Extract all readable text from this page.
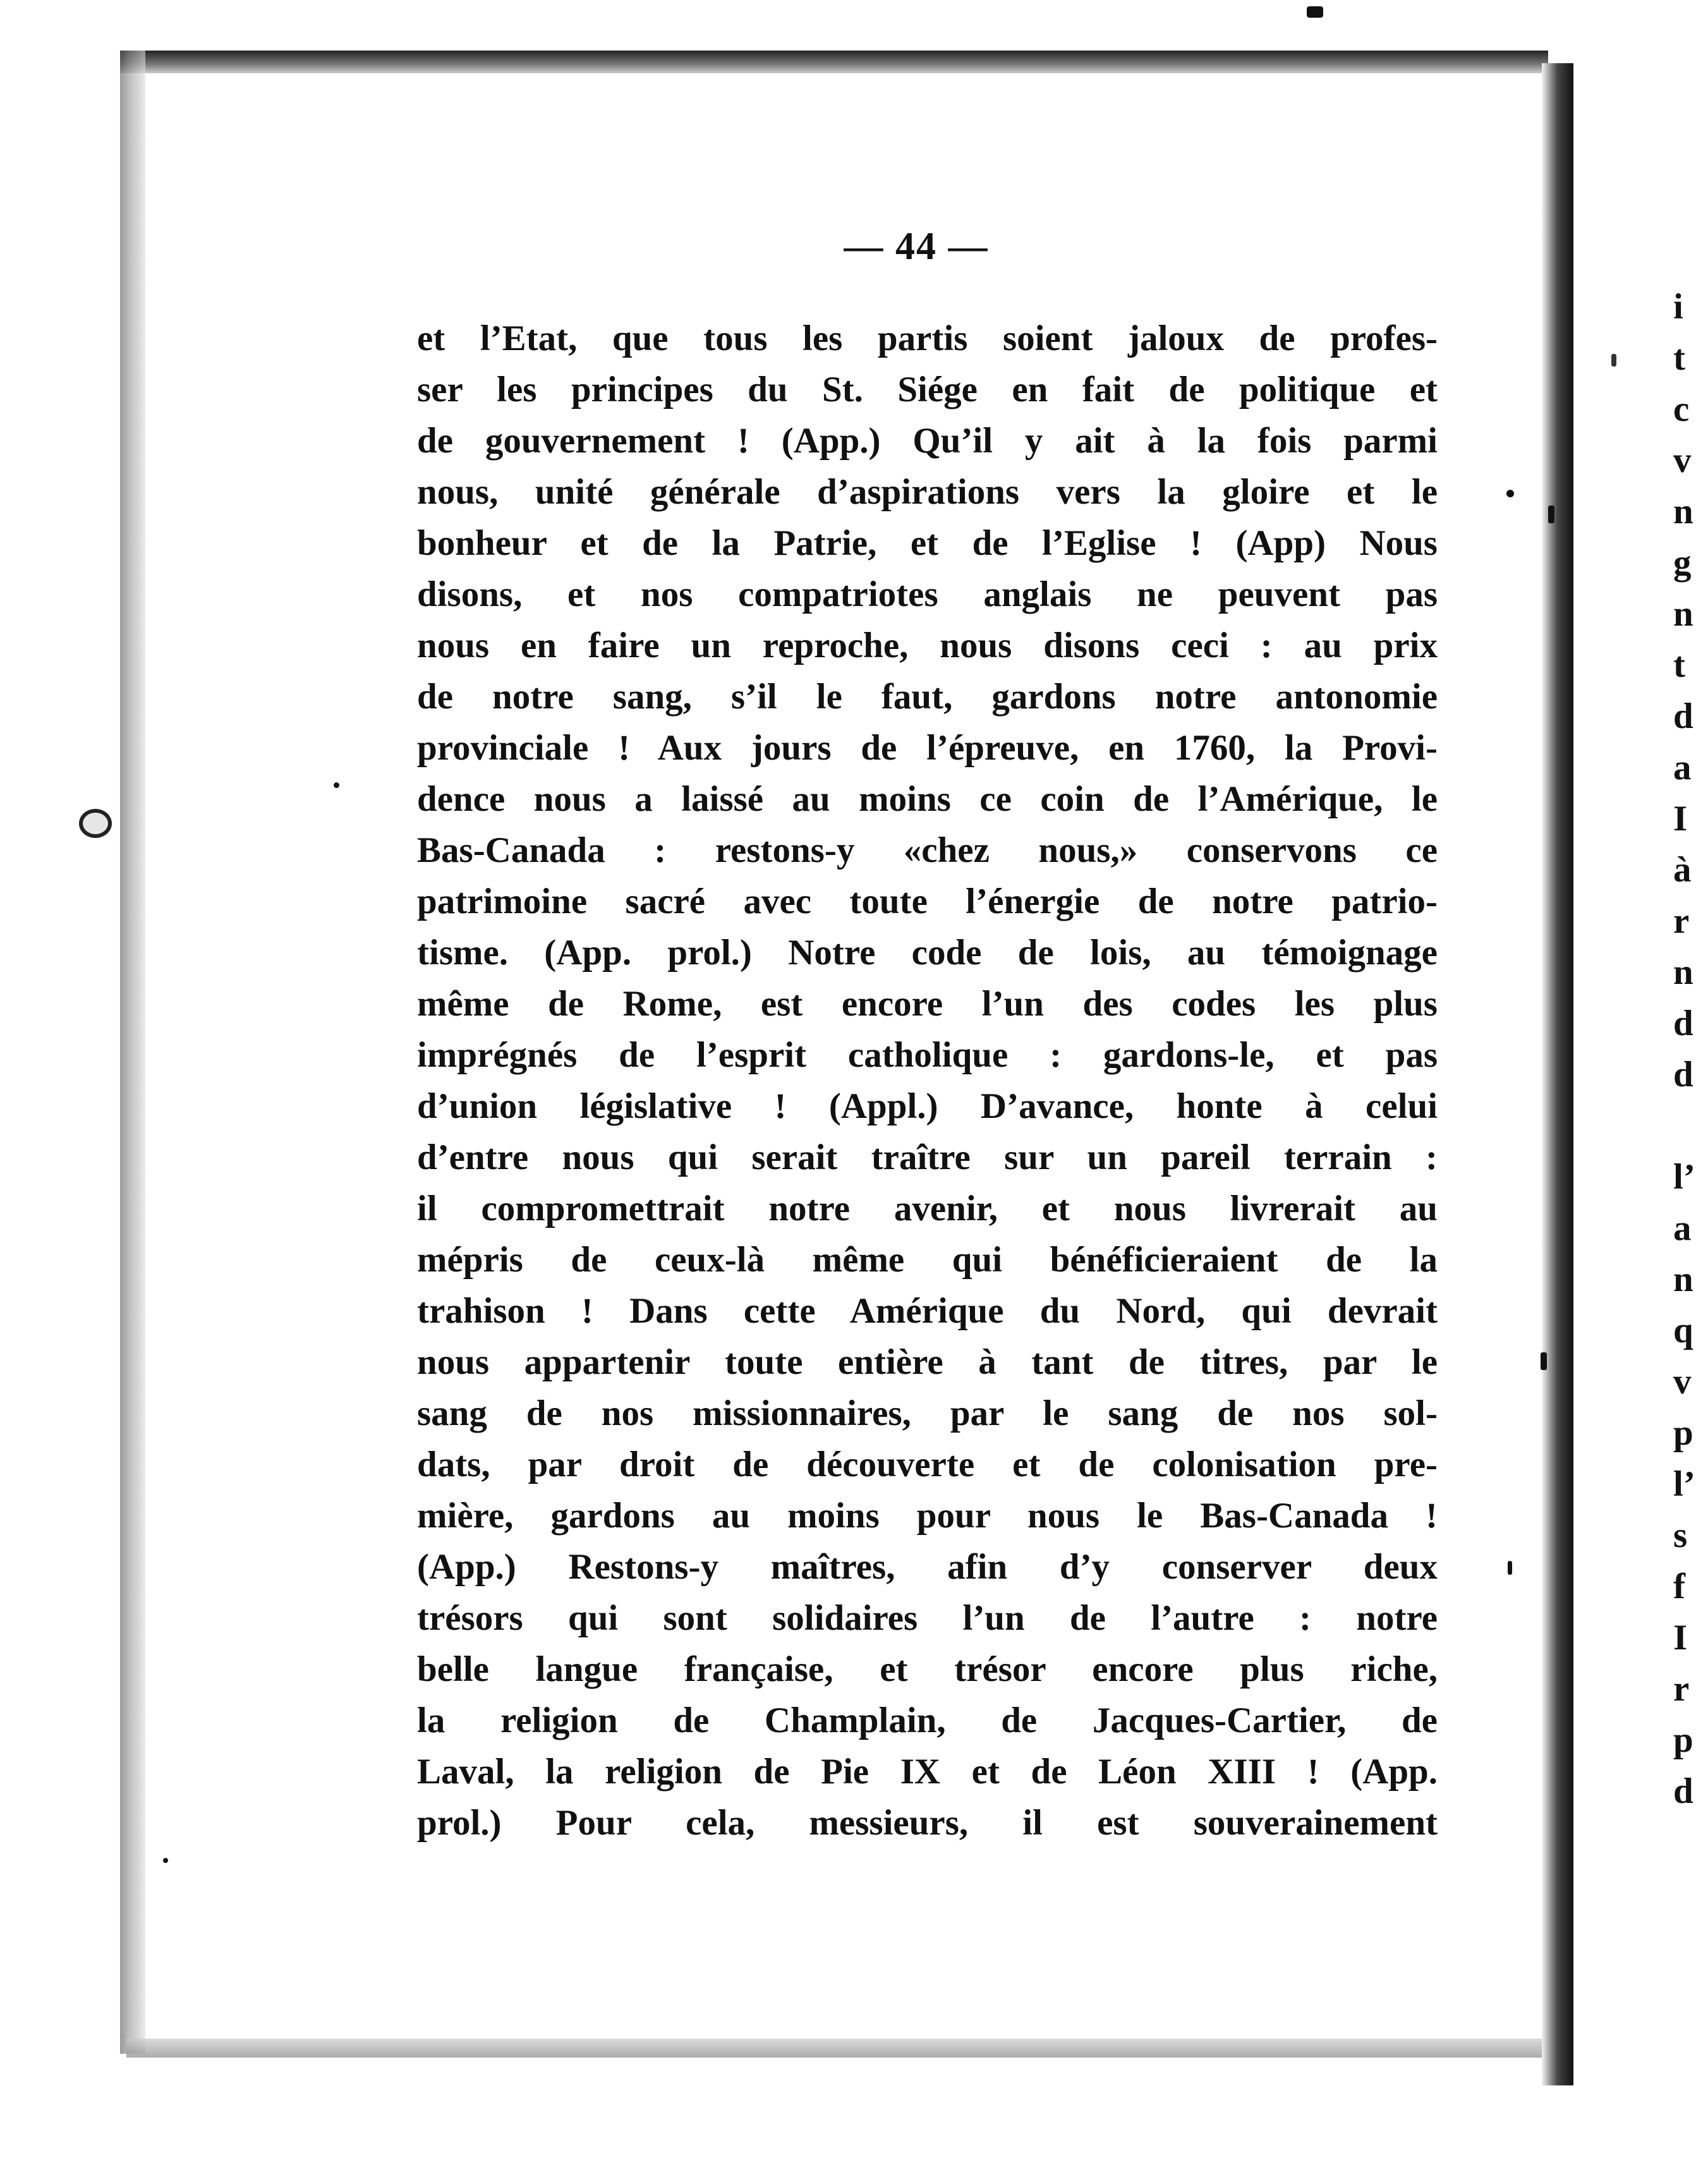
— 44 —
et l’Etat, que tous les partis soient jaloux de profes-
ser les principes du St. Siége en fait de politique et
de gouvernement ! (App.) Qu’il y ait à la fois parmi
nous, unité générale d’aspirations vers la gloire et le
bonheur et de la Patrie, et de l’Eglise ! (App) Nous
disons, et nos compatriotes anglais ne peuvent pas
nous en faire un reproche, nous disons ceci : au prix
de notre sang, s’il le faut, gardons notre antonomie
provinciale ! Aux jours de l’épreuve, en 1760, la Provi-
dence nous a laissé au moins ce coin de l’Amérique, le
Bas-Canada : restons-y «chez nous,» conservons ce
patrimoine sacré avec toute l’énergie de notre patrio-
tisme. (App. prol.) Notre code de lois, au témoignage
même de Rome, est encore l’un des codes les plus
imprégnés de l’esprit catholique : gardons-le, et pas
d’union législative ! (Appl.) D’avance, honte à celui
d’entre nous qui serait traître sur un pareil terrain :
il compromettrait notre avenir, et nous livrerait au
mépris de ceux-là même qui bénéficieraient de la
trahison ! Dans cette Amérique du Nord, qui devrait
nous appartenir toute entière à tant de titres, par le
sang de nos missionnaires, par le sang de nos sol-
dats, par droit de découverte et de colonisation pre-
mière, gardons au moins pour nous le Bas-Canada !
(App.) Restons-y maîtres, afin d’y conserver deux
trésors qui sont solidaires l’un de l’autre : notre
belle langue française, et trésor encore plus riche,
la religion de Champlain, de Jacques-Cartier, de
Laval, la religion de Pie IX et de Léon XIII ! (App.
prol.) Pour cela, messieurs, il est souverainement
i
t
c
v
n
g
n
t
d
a
I
à
r
n
d
d
l’
a
n
q
v
p
l’
s
f
I
r
p
d
